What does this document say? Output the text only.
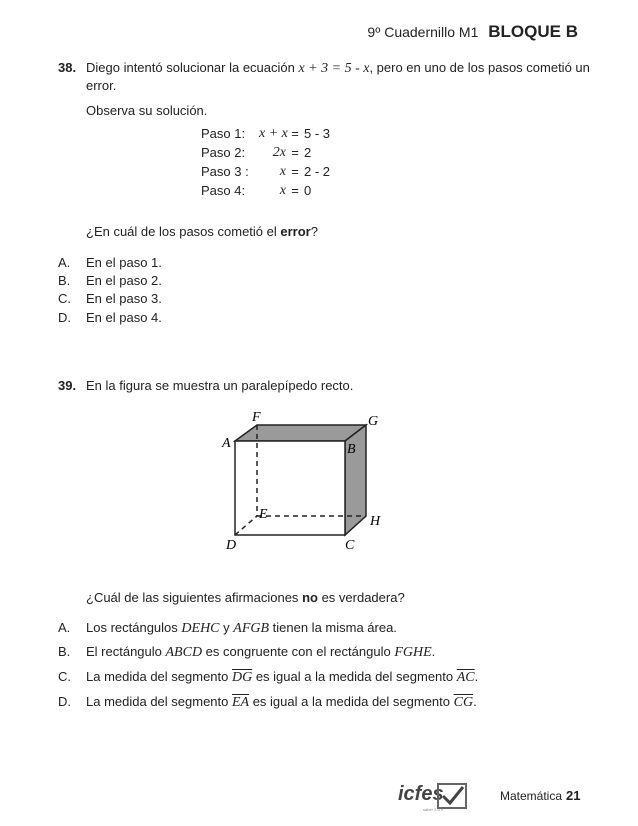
9º Cuadernillo M1 BLOQUE B
38. Diego intentó solucionar la ecuación x + 3 = 5 - x, pero en uno de los pasos cometió un
error.
Observa su solución.
Paso 1: x + x = 5 - 3
Paso 2:	2x = 2
Paso 3 :	x = 2 - 2
Paso 4:	x = 0
¿En cuál de los pasos cometió el error?
A. En el paso 1.
B. En el paso 2.
C. En el paso 3.
D. En el paso 4.
39. En la figura se muestra un paralepípedo recto.
F	G
A	B
E	H
D	C
¿Cuál de las siguientes afirmaciones no es verdadera?
A. Los rectángulos DEHC y AFGB tienen la misma área.
B. El rectángulo ABCD es congruente con el rectángulo FGHE.
C. La medida del segmento $\overline{DG}$ es igual a la medida del segmento $\overline{AC}$.
D. La medida del segmento $\overline{EA}$ es igual a la medida del segmento $\overline{CG}$.
icfes
saber 3 5 9
Matemática 21
